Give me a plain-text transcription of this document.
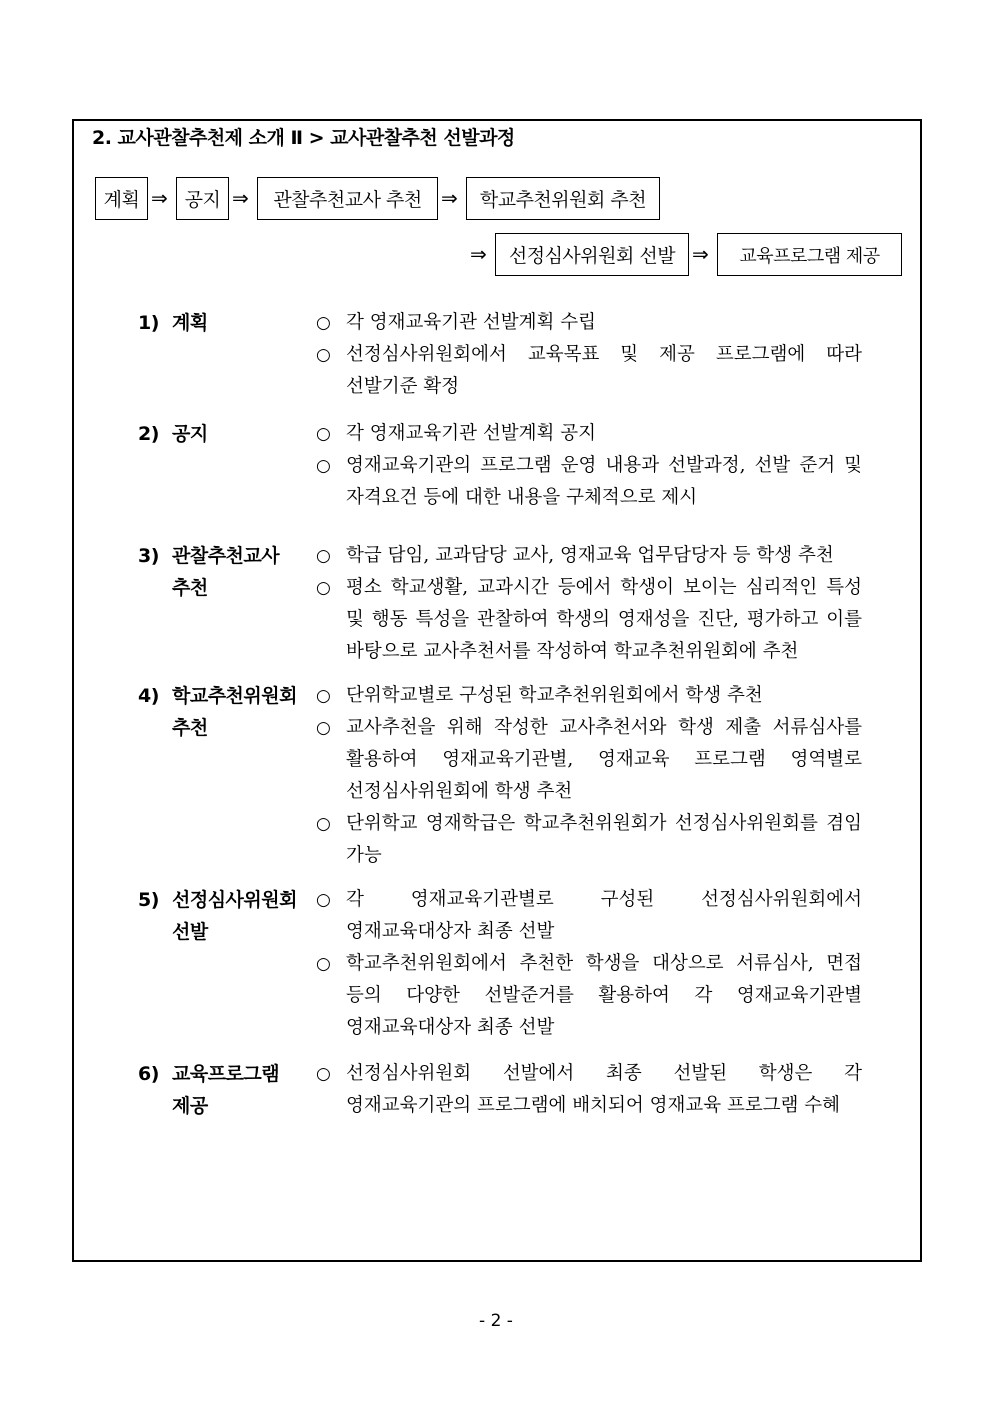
2. 교사관찰추천제 소개 Ⅱ > 교사관찰추천 선발과정
계획 ⇒ 공지 ⇒	관찰추천교사 추천 ⇒	학교추천위원회 추천
⇒	선정심사위원회 선발 ⇒	교육프로그램 제공
1) 계획	○ 각 영재교육기관 선발계획 수립
○ 선정심사위원회에서 교육목표 및 제공 프로그램에 따라 선발기준 확정
2) 공지	○ 각 영재교육기관 선발계획 공지
○ 영재교육기관의 프로그램 운영 내용과 선발과정, 선발 준거 및 자격요건 등에 대한 내용을 구체적으로 제시
3) 관찰추천교사 추천
○ 학급 담임, 교과담당 교사, 영재교육 업무담당자 등 학생 추천
○ 평소 학교생활, 교과시간 등에서 학생이 보이는 심리적인 특성 및 행동 특성을 관찰하여 학생의 영재성을 진단, 평가하고 이를 바탕으로 교사추천서를 작성하여 학교추천위원회에 추천
4) 학교추천위원회 추천
○ 단위학교별로 구성된 학교추천위원회에서 학생 추천
○ 교사추천을 위해 작성한 교사추천서와 학생 제출 서류심사를 활용하여 영재교육기관별, 영재교육 프로그램 영역별로 선정심사위원회에 학생 추천
○ 단위학교 영재학급은 학교추천위원회가 선정심사위원회를 겸임 가능
5) 선정심사위원회 선발
○ 각 영재교육기관별로 구성된 선정심사위원회에서 영재교육대상자 최종 선발
○ 학교추천위원회에서 추천한 학생을 대상으로 서류심사, 면접 등의 다양한 선발준거를 활용하여 각 영재교육기관별 영재교육대상자 최종 선발
6) 교육프로그램 제공
○ 선정심사위원회 선발에서 최종 선발된 학생은 각 영재교육기관의 프로그램에 배치되어 영재교육 프로그램 수혜
- 2 -
